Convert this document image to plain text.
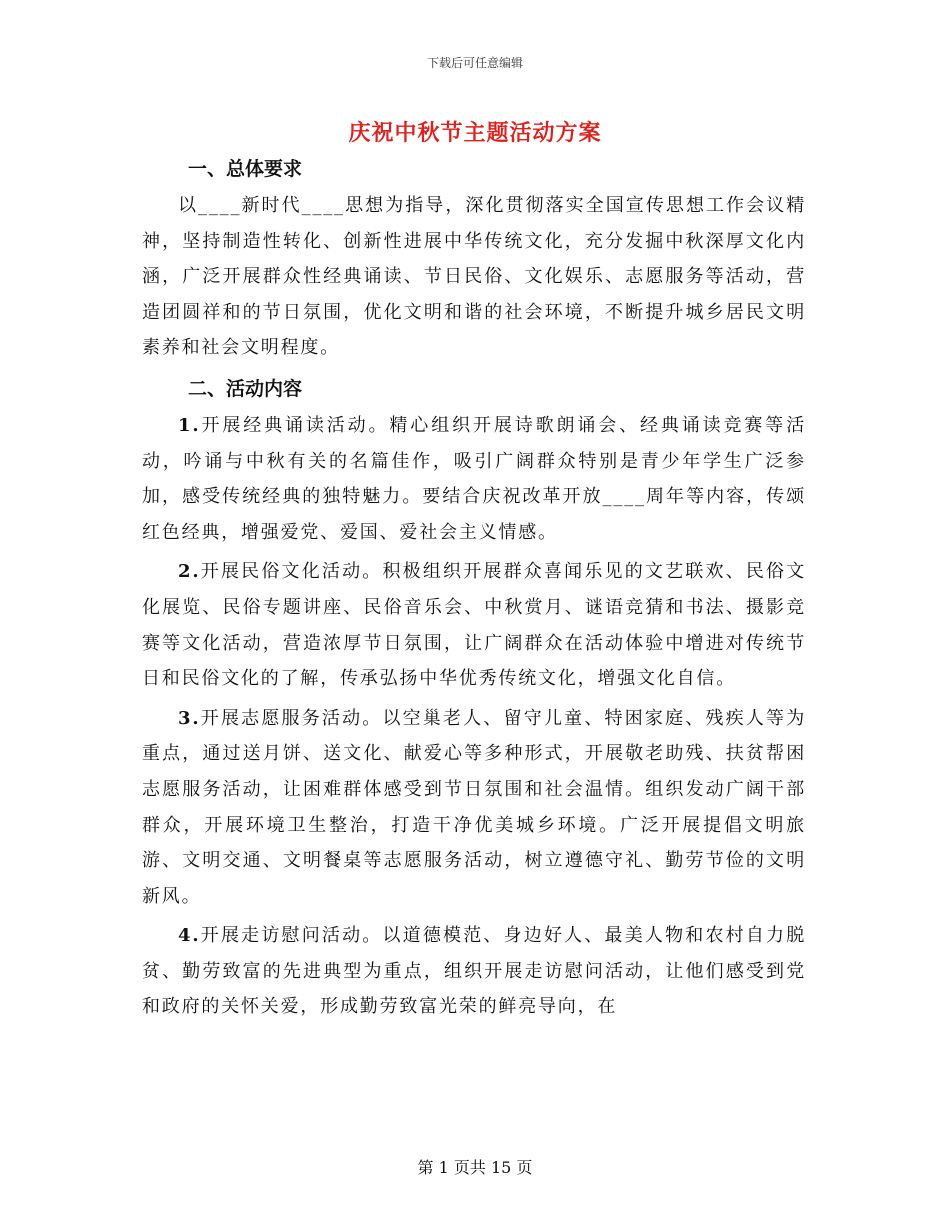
下载后可任意编辑
庆祝中秋节主题活动方案
一、总体要求

以____新时代____思想为指导，深化贯彻落实全国宣传思想工作会议精神，坚持制造性转化、创新性进展中华传统文化，充分发掘中秋深厚文化内涵，广泛开展群众性经典诵读、节日民俗、文化娱乐、志愿服务等活动，营造团圆祥和的节日氛围，优化文明和谐的社会环境，不断提升城乡居民文明素养和社会文明程度。

二、活动内容

1.开展经典诵读活动。精心组织开展诗歌朗诵会、经典诵读竞赛等活动，吟诵与中秋有关的名篇佳作，吸引广阔群众特别是青少年学生广泛参加，感受传统经典的独特魅力。要结合庆祝改革开放____周年等内容，传颂红色经典，增强爱党、爱国、爱社会主义情感。

2.开展民俗文化活动。积极组织开展群众喜闻乐见的文艺联欢、民俗文化展览、民俗专题讲座、民俗音乐会、中秋赏月、谜语竞猜和书法、摄影竞赛等文化活动，营造浓厚节日氛围，让广阔群众在活动体验中增进对传统节日和民俗文化的了解，传承弘扬中华优秀传统文化，增强文化自信。

3.开展志愿服务活动。以空巢老人、留守儿童、特困家庭、残疾人等为重点，通过送月饼、送文化、献爱心等多种形式，开展敬老助残、扶贫帮困志愿服务活动，让困难群体感受到节日氛围和社会温情。组织发动广阔干部群众，开展环境卫生整治，打造干净优美城乡环境。广泛开展提倡文明旅游、文明交通、文明餐桌等志愿服务活动，树立遵德守礼、勤劳节俭的文明新风。

4.开展走访慰问活动。以道德模范、身边好人、最美人物和农村自力脱贫、勤劳致富的先进典型为重点，组织开展走访慰问活动，让他们感受到党和政府的关怀关爱，形成勤劳致富光荣的鲜亮导向，在

第 1 页共 15 页
